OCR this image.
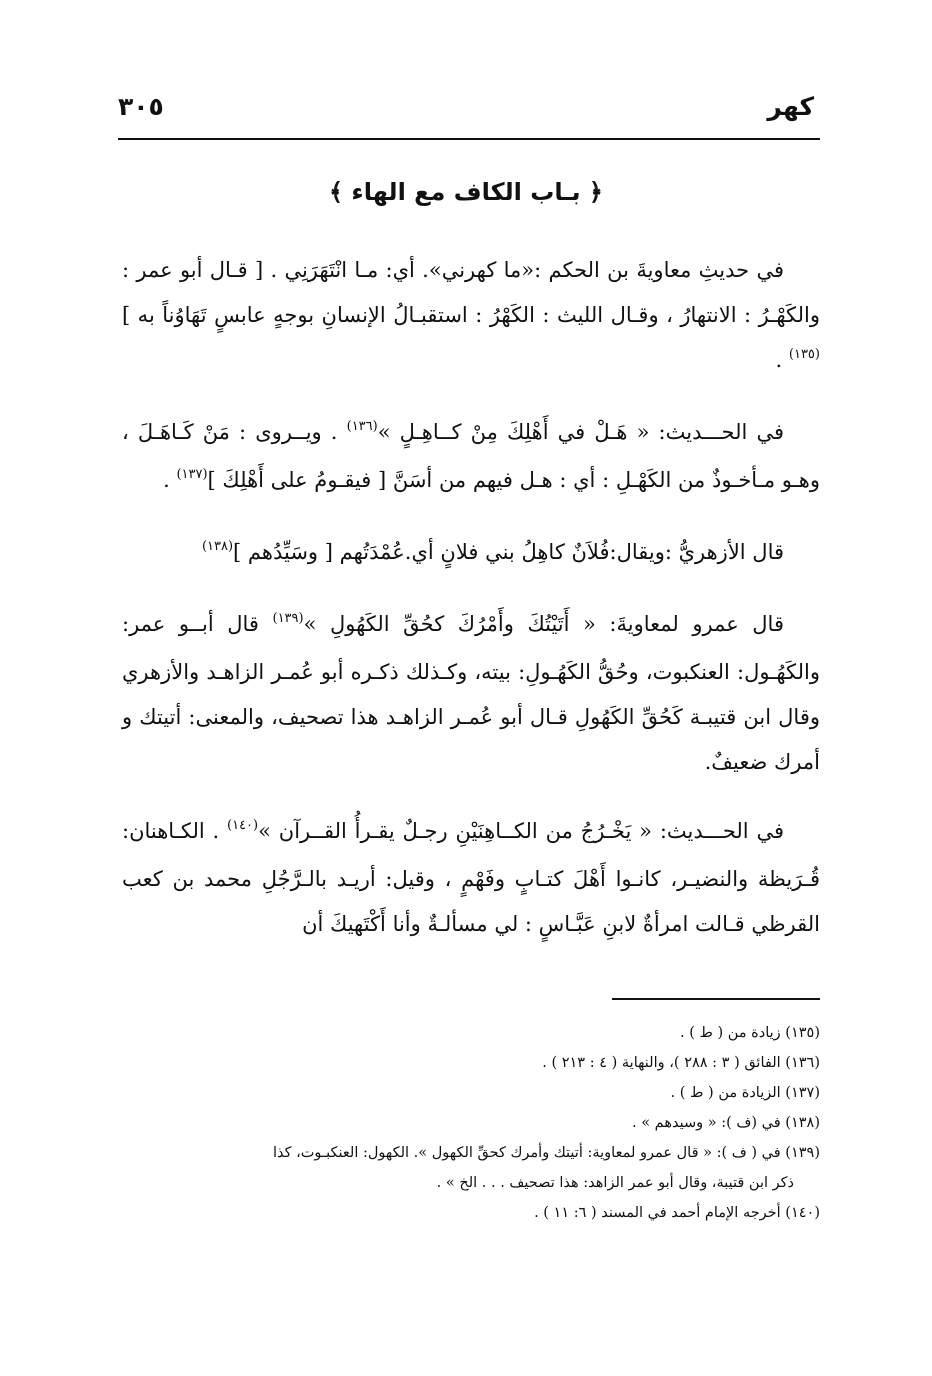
كهر
٣٠٥
﴿ بـاب الكاف مع الهاء ﴾

في حديثِ معاويةَ بن الحكم :«ما كهرني». أي: مـا انْتَهَرَنِي . [ قـال أبو عمر : والكَهْـرُ : الانتهارُ ، وقـال الليث : الكَهْرُ : استقبـالُ الإنسانِ بوجهٍ عابسٍ تَهَاوُناً به ]$^{(١٣٥)}$ .

في الحـــديث: « هَـلْ في أَهْلِكَ مِنْ كــاهِـلٍ »$^{(١٣٦)}$ . ويــروى : مَنْ كَـاهَـلَ ، وهـو مـأخـوذٌ من الكَهْـلِ : أي : هـل فيهم من أسَنَّ [ فيقـومُ على أَهْلِكَ ]$^{(١٣٧)}$ .

قال الأزهريُّ :ويقال:فُلاَنٌ كاهِلُ بني فلانٍ أي.عُمْدَتُهم [ وسَيِّدُهم ]$^{(١٣٨)}$

قال عمرو لمعاويةَ: « أَتَيْتُكَ وأَمْرُكَ كحُقِّ الكَهُولِ »$^{(١٣٩)}$ قال أبــو عمر: والكَهُـول: العنكبوت، وحُقُّ الكَهُـولِ: بيته، وكـذلك ذكـره أبو عُمـر الزاهـد والأزهري وقال ابن قتيبـة كَحُقِّ الكَهُولِ قـال أبو عُمـر الزاهـد هذا تصحيف، والمعنى: أتيتك و أمرك ضعيفٌ.

في الحـــديث: « يَخْـرُجُ من الكــاهِنَيْنِ رجـلٌ يقـرأُ القــرآن »$^{(١٤٠)}$ . الكـاهنان: قُـرَيظة والنضيـر، كانـوا أَهْلَ كتـابٍ وفَهْمٍ ، وقيل: أريـد بالـرَّجُلِ محمد بن كعب القرظي قـالت امرأةٌ لابنِ عَبَّـاسٍ : لي مسألـةٌ وأنا أَكْتَهيكَ أن

(١٣٥) زيادة من ( ط ) .

(١٣٦) الفائق ( ٣ : ٢٨٨ )، والنهاية ( ٤ : ٢١٣ ) .

(١٣٧) الزيادة من ( ط ) .

(١٣٨) في (ف ): « وسيدهم » .

(١٣٩) في ( ف ): « قال عمرو لمعاوية: أتيتك وأمرك كحقِّ الكهول ». الكهول: العنكبـوت، كذا
ذكر ابن قتيبة، وقال أبو عمر الزاهد: هذا تصحيف . . . الخ » .

(١٤٠) أخرجه الإمام أحمد في المسند ( ٦: ١١ ) .
